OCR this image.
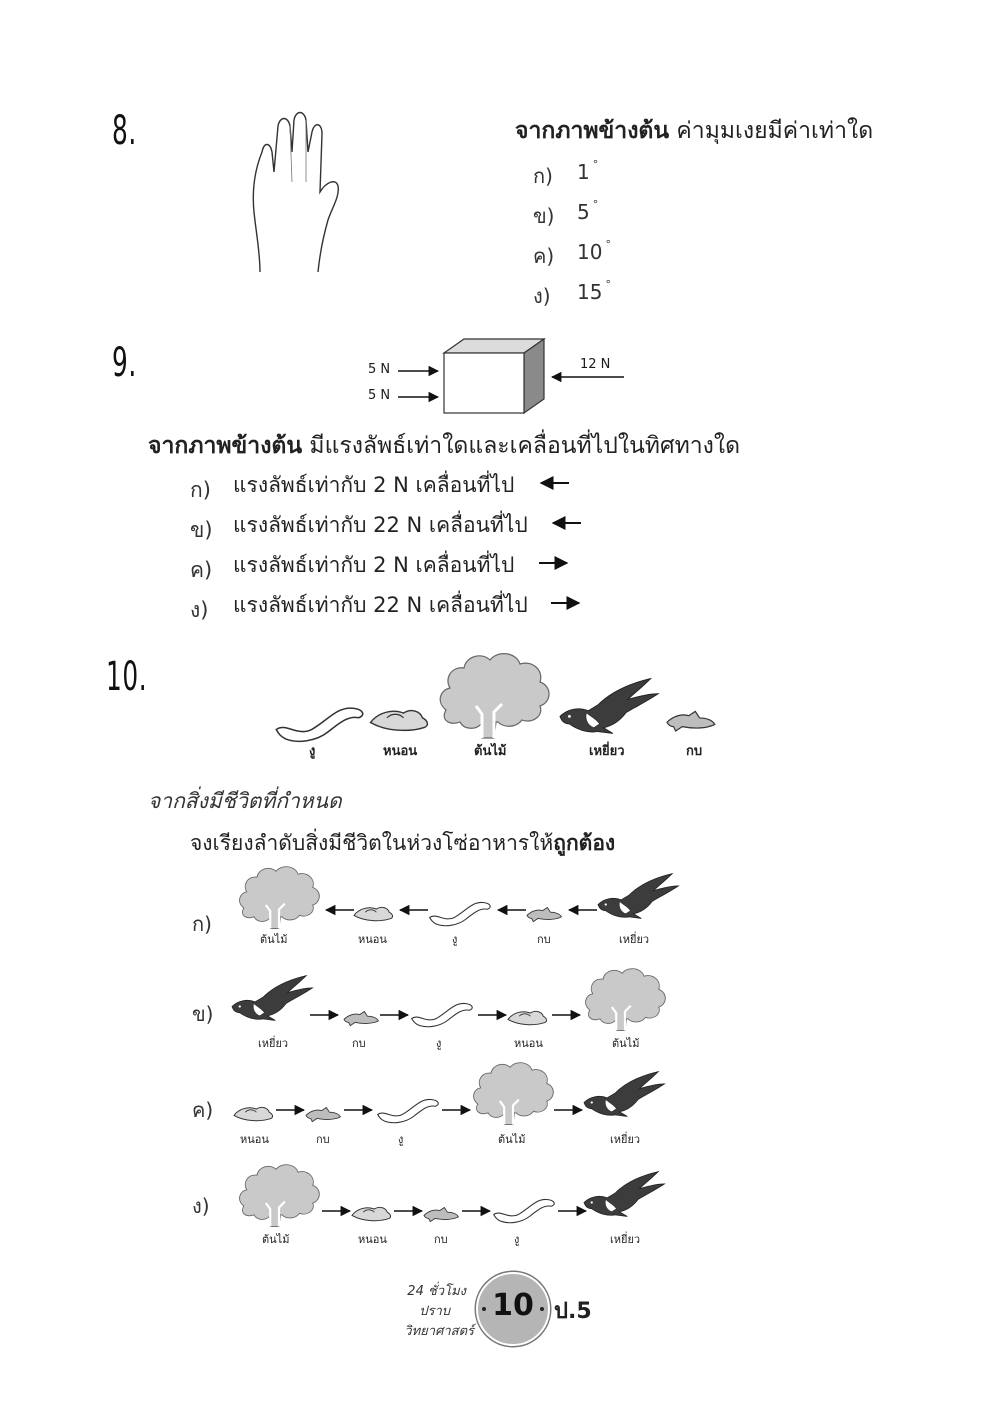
8.	จากภาพข้างต้น ค่ามุมเงยมีค่าเท่าใด
ก) 1 °
ข) 5 °
ค) 10 °
ง) 15 °
9.	5 N
5 N
12 N
จากภาพข้างต้น มีแรงลัพธ์เท่าใดและเคลื่อนที่ไปในทิศทางใด
ก) แรงลัพธ์เท่ากับ 2 N เคลื่อนที่ไป
ข) แรงลัพธ์เท่ากับ 22 N เคลื่อนที่ไป
ค) แรงลัพธ์เท่ากับ 2 N เคลื่อนที่ไป
ง) แรงลัพธ์เท่ากับ 22 N เคลื่อนที่ไป
10.
งู	หนอน	ต้นไม้	เหยี่ยว	กบ
จากสิ่งมีชีวิตที่กำหนด
จงเรียงลำดับสิ่งมีชีวิตในห่วงโซ่อาหารให้ถูกต้อง
ก)
ต้นไม้	หนอน	งู	กบ	เหยี่ยว
ข)
เหยี่ยว	กบ	งู	หนอน	ต้นไม้
ค)
หนอน	กบ	งู	ต้นไม้	เหยี่ยว
ง)
ต้นไม้	หนอน	กบ	งู	เหยี่ยว
24 ชั่วโมง
ปราบ
วิทยาศาสตร์
10 ป.5
